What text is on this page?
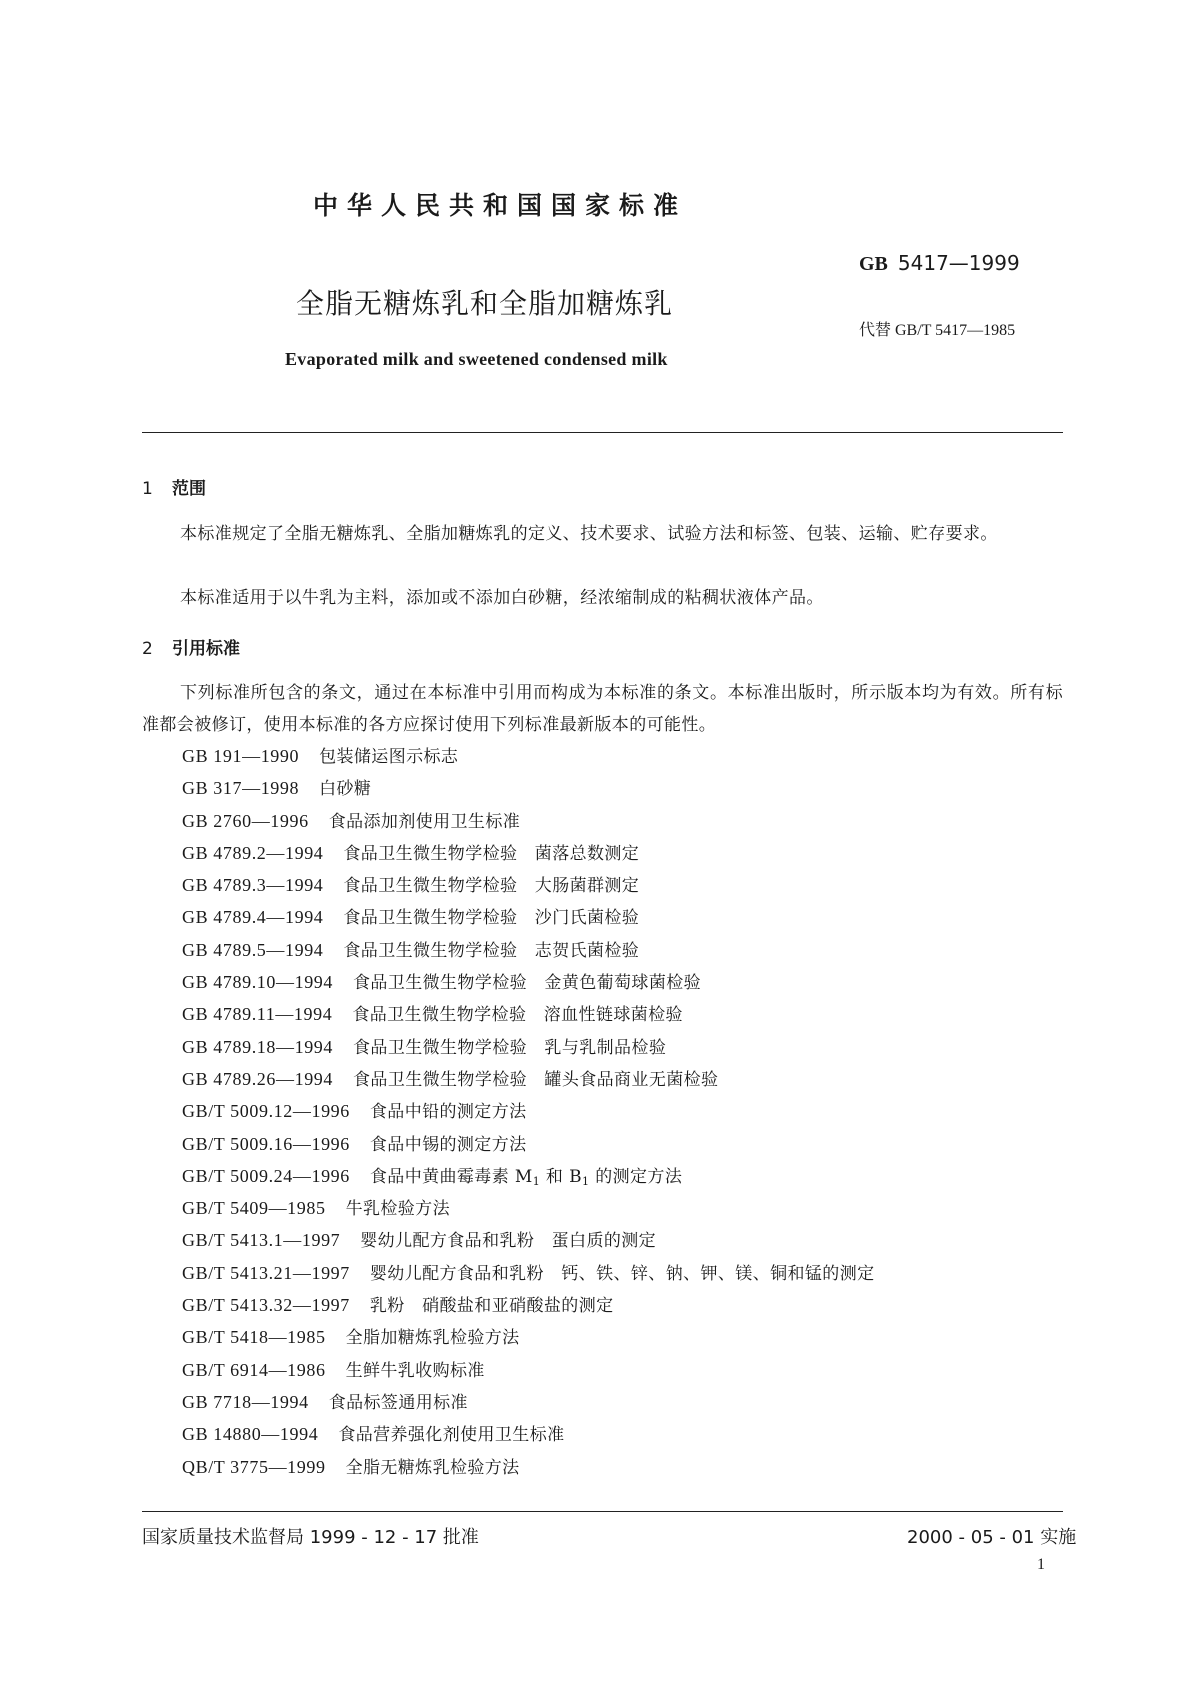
中华人民共和国国家标准
GB 5417—1999
全脂无糖炼乳和全脂加糖炼乳
代替 GB/T 5417—1985
Evaporated milk and sweetened condensed milk
1 范围
本标准规定了全脂无糖炼乳、全脂加糖炼乳的定义、技术要求、试验方法和标签、包装、运输、贮存要求。
本标准适用于以牛乳为主料，添加或不添加白砂糖，经浓缩制成的粘稠状液体产品。
2 引用标准
下列标准所包含的条文，通过在本标准中引用而构成为本标准的条文。本标准出版时，所示版本均为有效。所有标准都会被修订，使用本标准的各方应探讨使用下列标准最新版本的可能性。
GB 191—1990 包装储运图示标志
GB 317—1998 白砂糖
GB 2760—1996 食品添加剂使用卫生标准
GB 4789.2—1994 食品卫生微生物学检验　菌落总数测定
GB 4789.3—1994 食品卫生微生物学检验　大肠菌群测定
GB 4789.4—1994 食品卫生微生物学检验　沙门氏菌检验
GB 4789.5—1994 食品卫生微生物学检验　志贺氏菌检验
GB 4789.10—1994 食品卫生微生物学检验　金黄色葡萄球菌检验
GB 4789.11—1994 食品卫生微生物学检验　溶血性链球菌检验
GB 4789.18—1994 食品卫生微生物学检验　乳与乳制品检验
GB 4789.26—1994 食品卫生微生物学检验　罐头食品商业无菌检验
GB/T 5009.12—1996 食品中铅的测定方法
GB/T 5009.16—1996 食品中锡的测定方法
GB/T 5009.24—1996 食品中黄曲霉毒素 $M_1$ 和 $B_1$ 的测定方法
GB/T 5409—1985 牛乳检验方法
GB/T 5413.1—1997 婴幼儿配方食品和乳粉　蛋白质的测定
GB/T 5413.21—1997 婴幼儿配方食品和乳粉　钙、铁、锌、钠、钾、镁、铜和锰的测定
GB/T 5413.32—1997 乳粉　硝酸盐和亚硝酸盐的测定
GB/T 5418—1985 全脂加糖炼乳检验方法
GB/T 6914—1986 生鲜牛乳收购标准
GB 7718—1994 食品标签通用标准
GB 14880—1994 食品营养强化剂使用卫生标准
QB/T 3775—1999 全脂无糖炼乳检验方法
国家质量技术监督局 1999 - 12 - 17 批准	2000 - 05 - 01 实施
1
